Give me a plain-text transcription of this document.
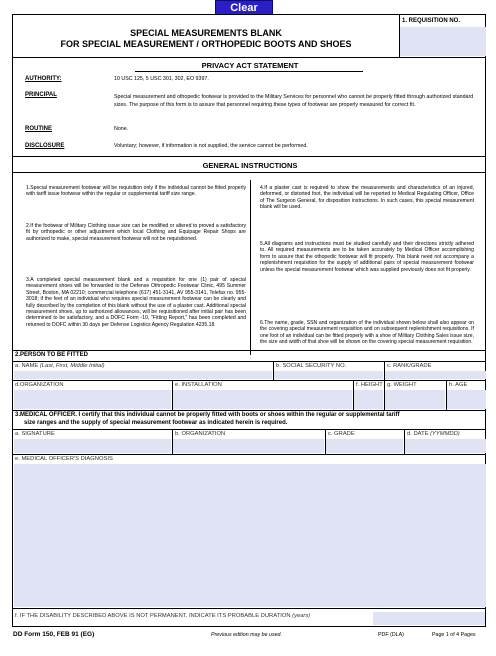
Clear
SPECIAL MEASUREMENTS BLANK
FOR SPECIAL MEASUREMENT / ORTHOPEDIC BOOTS AND SHOES
1. REQUISITION NO.
PRIVACY ACT STATEMENT
AUTHORITY:	10 USC 125, 5 USC 301, 302, EO 9397.
PRINCIPAL	Special measurement and othopedic footwear is provided to the Military Services for personnel who cannot be properly fitted through authorized standard sizes. The purpose of this form is to assure that personnel requiring these types of footwear are properly measured for correct fit.
ROUTINE	None.
DISCLOSURE	Voluntary; however, if information is not supplied, the service cannot be performed.
GENERAL INSTRUCTIONS
1.Special measurement footwear will be requisition only if the individual cannot be fitted properly with tariff issue footwear within the regular or supplemental tariff size range.
2.If the footwear of Military Clothing issue size can be modified or altered to proved a satisfactory fit by orthopedic or other adjustment which local Clothing and Equipage Repair Shops are authorized to make, special measurement footwear will not be requisitioned.
3.A completed special measurement blank and a requisition for one (1) pair of special measurement shoes will be forwarded to the Defense Othropedic Footwear Clinic, 495 Summer Street, Boston, MA 02210; commercial telephone (617) 451-3141, AV 955-3141, Telefax no. 955-3018; if the feet of an individual who requires special measurement footwear can be clearly and fully described by the completion of this blank without the use of a plaster cast. Additional special measurement shoes, up to authorized allowances, will be requisitioned after initial pair has been determined to be satisfactory, and a DOFC Form -10, "Fitting Report," has been completed and returned to DOFC within 30 days per Defense Logistics Agency Regulation 4235.18.
4.If a plaster cast is required to show the measurements and characteristics of an injured, deformed, or distorted foot, the individual will be reported to Medical Regulating Officer, Office of The Surgeon General, for disposition instructions. In such cases, this special measurement blank will be used.
5.All diagrams and instructions must be studied carefully and their directions strictly adhered to. All required measurements are to be taken accurately by Medical Officer accomplishing form to assure that the othopedic footwear will fit properly. This blank need not accompany a replenishment requisition for the supply of additional pairs of special measurement footwear unless the special measurement footwear which was supplied previously does not fit properly.
6.The name, grade, SSN and organization of the individual shown below shall also appear on the covering special measurement requisition and on subsequent replenishment requisitions. If one foot of an individual can be fitted properly with a shoe of Military Clothing Sales issue size, the size and width of that shoe will be shown on the covering special measurement requisition.
2.PERSON TO BE FITTED
a. NAME (Last, First, Middle Initial)	b. SOCIAL SECURITY NO.	c. RANK/GRADE
d.ORGANIZATION	e. INSTALLATION	f. HEIGHT g. WEIGHT	h. AGE
3.MEDICAL OFFICER. I certify that this individual cannot be properly fitted with boots or shoes within the regular or supplemental tariff
size ranges and the supply of special measurement footwear as indicated herein is required.
a. SIGNATURE	b. ORGANIZATION	c. GRADE	d. DATE (YYMMDD)
e. MEDICAL OFFICER'S DIAGNOSIS
f. IF THE DISABILITY DESCRIBED ABOVE IS NOT PERMANENT, INDICATE ITS PROBABLE DURATION (years)
DD Form 150, FEB 91 (EG)	Previous edition may be used.	PDF (DLA)	Page 1 of 4 Pages
